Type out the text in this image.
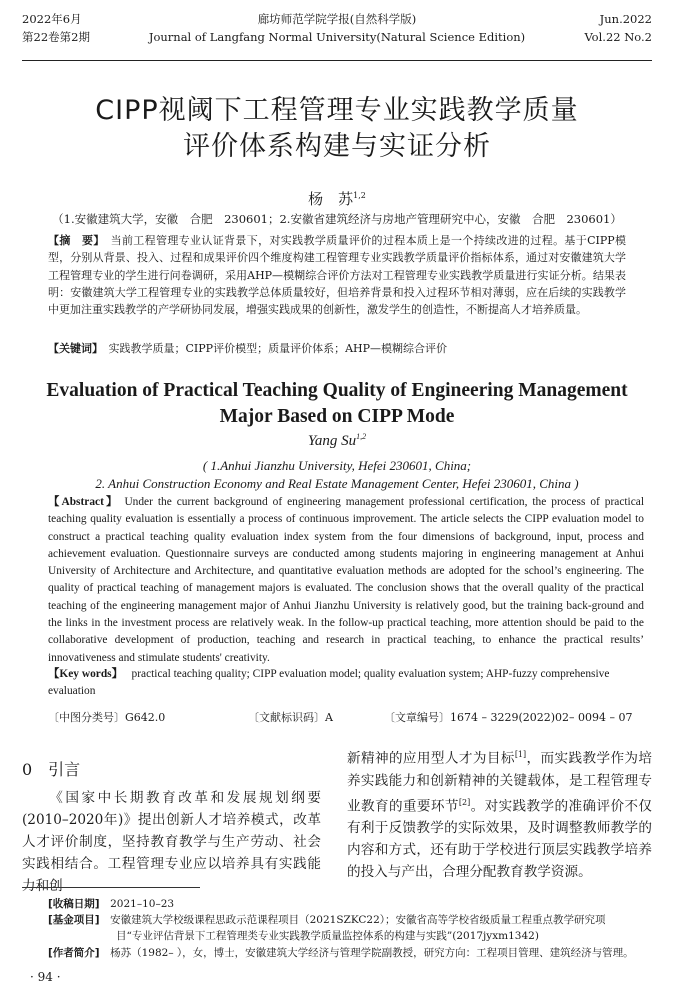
2022年6月
第22卷第2期
廊坊师范学院学报(自然科学版)
Journal of Langfang Normal University(Natural Science Edition)
Jun.2022
Vol.22 No.2
CIPP视阈下工程管理专业实践教学质量
评价体系构建与实证分析
杨　苏$^{1,2}$
（1.安徽建筑大学，安徽　合肥　230601；2.安徽省建筑经济与房地产管理研究中心，安徽　合肥　230601）
【摘　要】　 当前工程管理专业认证背景下，对实践教学质量评价的过程本质上是一个持续改进的过程。基于CIPP模型，分别从背景、投入、过程和成果评价四个维度构建工程管理专业实践教学质量评价指标体系，通过对安徽建筑大学工程管理专业的学生进行问卷调研，采用AHP—模糊综合评价方法对工程管理专业实践教学质量进行实证分析。结果表明：安徽建筑大学工程管理专业的实践教学总体质量较好，但培养背景和投入过程环节相对薄弱，应在后续的实践教学中更加注重实践教学的产学研协同发展，增强实践成果的创新性，激发学生的创造性，不断提高人才培养质量。
【关键词】　 实践教学质量；CIPP评价模型；质量评价体系；AHP—模糊综合评价
Evaluation of Practical Teaching Quality of Engineering Management
Major Based on CIPP Mode
Yang Su$^{1,2}$
( 1.Anhui Jianzhu University, Hefei 230601, China;
2. Anhui Construction Economy and Real Estate Management Center, Hefei 230601, China )
【Abstract】 Under the current background of engineering management professional certification, the process of practical teaching quality evaluation is essentially a process of continuous improvement. The article selects the CIPP evaluation model to construct a practical teaching quality evaluation index system from the four dimensions of background, input, process and achievement evaluation. Questionnaire surveys are conducted among students majoring in engineering management at Anhui University of Architecture and Architecture, and quantitative evaluation methods are adopted for the school’s engineering. The quality of practical teaching of management majors is evaluated. The conclusion shows that the overall quality of the practical teaching of the engineering management major of Anhui Jianzhu University is relatively good, but the training back-ground and the links in the investment process are relatively weak. In the follow-up practical teaching, more attention should be paid to the collaborative development of production, teaching and research in practical teaching, to enhance the practical results’ innovativeness and stimulate students' creativity.
【Key words】 practical teaching quality; CIPP evaluation model; quality evaluation system; AHP-fuzzy comprehensive evaluation
〔中图分类号〕G642.0	〔文献标识码〕A	〔文章编号〕1674 – 3229(2022)02– 0094 – 07
0　引言
《国家中长期教育改革和发展规划纲要(2010–2020年)》提出创新人才培养模式，改革人才评价制度，坚持教育教学与生产劳动、社会实践相结合。工程管理专业应以培养具有实践能力和创
新精神的应用型人才为目标[1]，而实践教学作为培养实践能力和创新精神的关键载体，是工程管理专业教育的重要环节[2]。对实践教学的准确评价不仅有利于反馈教学的实际效果，及时调整教师教学的内容和方式，还有助于学校进行顶层实践教学培养的投入与产出，合理分配教育教学资源。
[收稿日期]　 2021–10–23
[基金项目]　 安徽建筑大学校级课程思政示范课程项目（2021SZKC22）；安徽省高等学校省级质量工程重点教学研究项
目“专业评估背景下工程管理类专业实践教学质量监控体系的构建与实践”(2017jyxm1342)
[作者简介]　 杨苏（1982– ），女，博士，安徽建筑大学经济与管理学院副教授，研究方向：工程项目管理、建筑经济与管理。
· 94 ·
